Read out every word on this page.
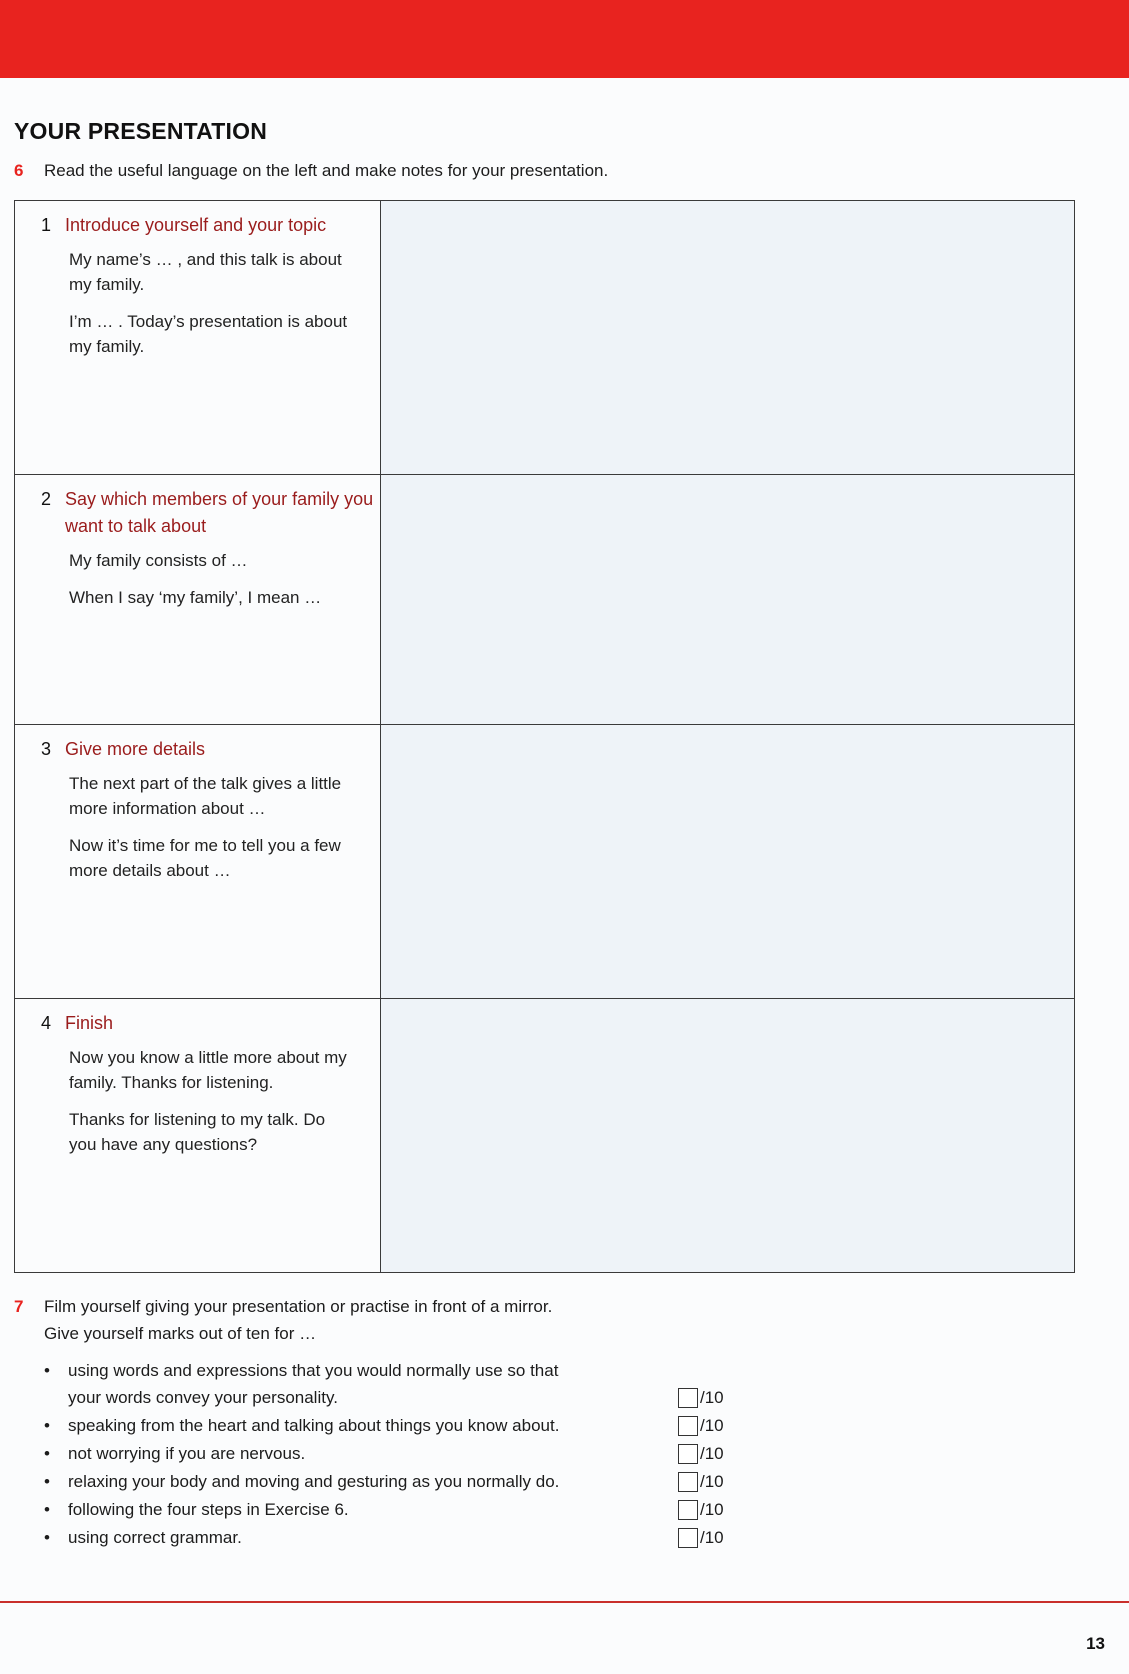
YOUR PRESENTATION
6 Read the useful language on the left and make notes for your presentation.
1 Introduce yourself and your topic

My name’s … , and this talk is about my family.

I’m … . Today’s presentation is about my family.	

2 Say which members of your family you want to talk about

My family consists of …

When I say ‘my family’, I mean …	

3 Give more details

The next part of the talk gives a little more information about …

Now it’s time for me to tell you a few more details about …	

4 Finish

Now you know a little more about my family. Thanks for listening.

Thanks for listening to my talk. Do you have any questions?	

7 Film yourself giving your presentation or practise in front of a mirror.
Give yourself marks out of ten for …
• using words and expressions that you would normally use so that your words convey your personality.	/10
• speaking from the heart and talking about things you know about.	/10
• not worrying if you are nervous.	/10
• relaxing your body and moving and gesturing as you normally do.	/10
• following the four steps in Exercise 6.	/10
• using correct grammar.	/10
13
